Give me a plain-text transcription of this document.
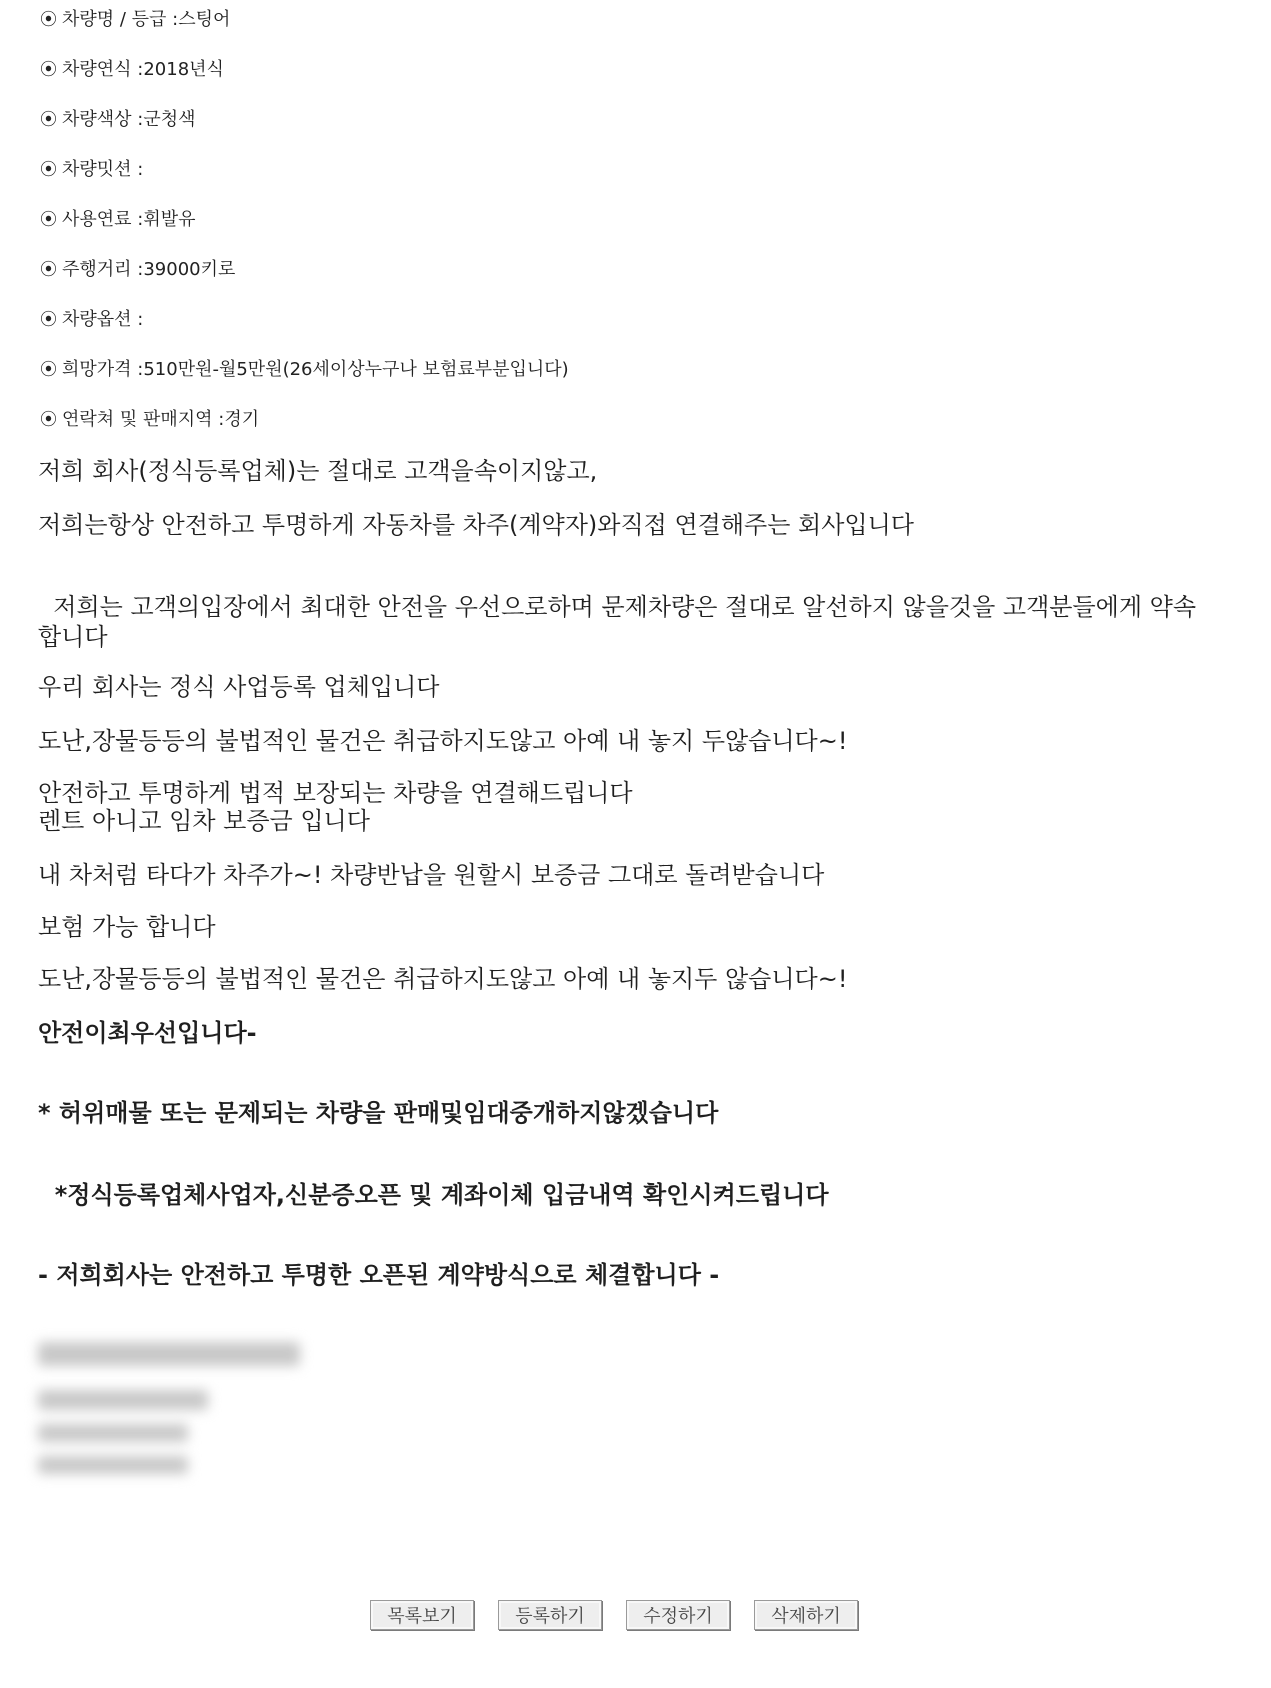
⦿ 차량명 / 등급 :스팅어
⦿ 차량연식 :2018년식
⦿ 차량색상 :군청색
⦿ 차량밋션 :
⦿ 사용연료 :휘발유
⦿ 주행거리 :39000키로
⦿ 차량옵션 :
⦿ 희망가격 :510만원-월5만원(26세이상누구나 보험료부분입니다)
⦿ 연락쳐 및 판매지역 :경기
저희 회사(정식등록업체)는 절대로 고객을속이지않고,
저희는항상 안전하고 투명하게 자동차를 차주(계약자)와직접 연결해주는 회사입니다
저희는 고객의입장에서 최대한 안전을 우선으로하며 문제차량은 절대로 알선하지 않을것을 고객분들에게 약속합니다
우리 회사는 정식 사업등록 업체입니다
도난,장물등등의 불법적인 물건은 취급하지도않고 아예 내 놓지 두않습니다~!
안전하고 투명하게 법적 보장되는 차량을 연결해드립니다
렌트 아니고 임차 보증금 입니다
내 차처럼 타다가 차주가~! 차량반납을 원할시 보증금 그대로 돌려받습니다
보험 가능 합니다
도난,장물등등의 불법적인 물건은 취급하지도않고 아예 내 놓지두 않습니다~!
안전이최우선입니다-
* 허위매물 또는 문제되는 차량을 판매및임대중개하지않겠습니다
*정식등록업체사업자,신분증오픈 및 계좌이체 입금내역 확인시켜드립니다
- 저희회사는 안전하고 투명한 오픈된 계약방식으로 체결합니다 -
목록보기	등록하기	수정하기	삭제하기
